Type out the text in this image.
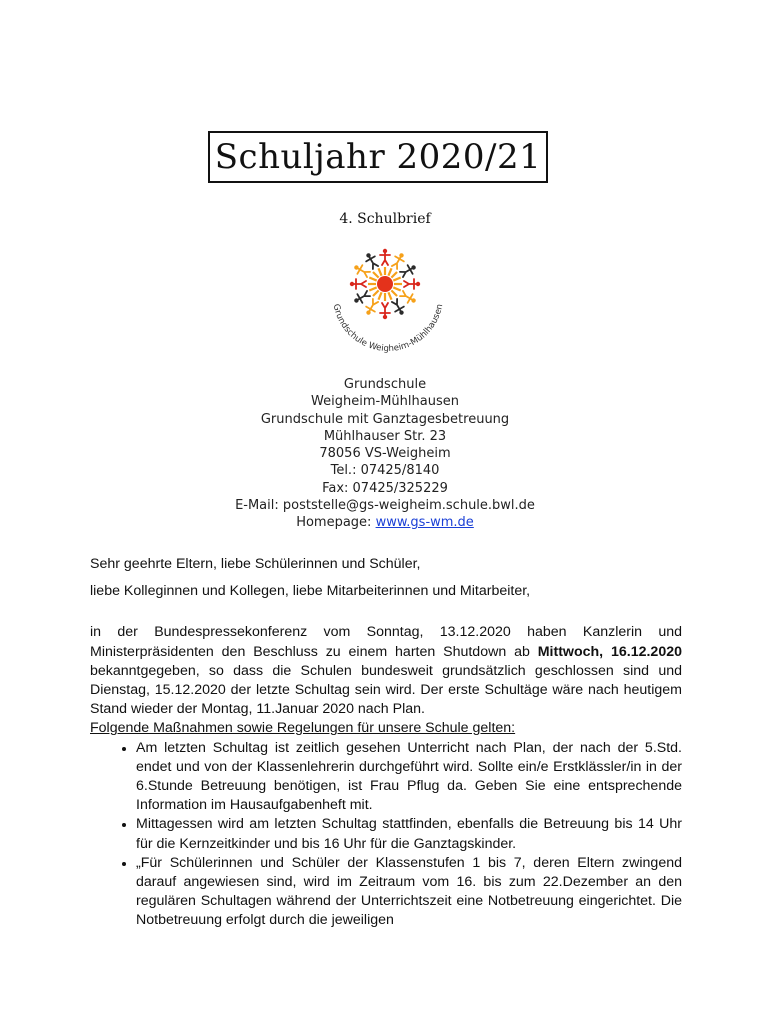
Schuljahr 2020/21
4. Schulbrief
Grundschule Weigheim-Mühlhausen
Grundschule
Weigheim-Mühlhausen
Grundschule mit Ganztagesbetreuung
Mühlhauser Str. 23
78056 VS-Weigheim
Tel.: 07425/8140
Fax: 07425/325229
E-Mail: poststelle@gs-weigheim.schule.bwl.de
Homepage: www.gs-wm.de

Sehr geehrte Eltern, liebe Schülerinnen und Schüler,

liebe Kolleginnen und Kollegen, liebe Mitarbeiterinnen und Mitarbeiter,

in der Bundespressekonferenz vom Sonntag, 13.12.2020 haben Kanzlerin und Ministerpräsidenten den Beschluss zu einem harten Shutdown ab Mittwoch, 16.12.2020 bekanntgegeben, so dass die Schulen bundesweit grundsätzlich geschlossen sind und Dienstag, 15.12.2020 der letzte Schultag sein wird. Der erste Schultäge wäre nach heutigem Stand wieder der Montag, 11.Januar 2020 nach Plan.

Folgende Maßnahmen sowie Regelungen für unsere Schule gelten:

• Am letzten Schultag ist zeitlich gesehen Unterricht nach Plan, der nach der 5.Std. endet und von der Klassenlehrerin durchgeführt wird. Sollte ein/e Erstklässler/in in der 6.Stunde Betreuung benötigen, ist Frau Pflug da. Geben Sie eine entsprechende Information im Hausaufgabenheft mit.
• Mittagessen wird am letzten Schultag stattfinden, ebenfalls die Betreuung bis 14 Uhr für die Kernzeitkinder und bis 16 Uhr für die Ganztagskinder.
• „Für Schülerinnen und Schüler der Klassenstufen 1 bis 7, deren Eltern zwingend darauf angewiesen sind, wird im Zeitraum vom 16. bis zum 22.Dezember an den regulären Schultagen während der Unterrichtszeit eine Notbetreuung eingerichtet. Die Notbetreuung erfolgt durch die jeweiligen
